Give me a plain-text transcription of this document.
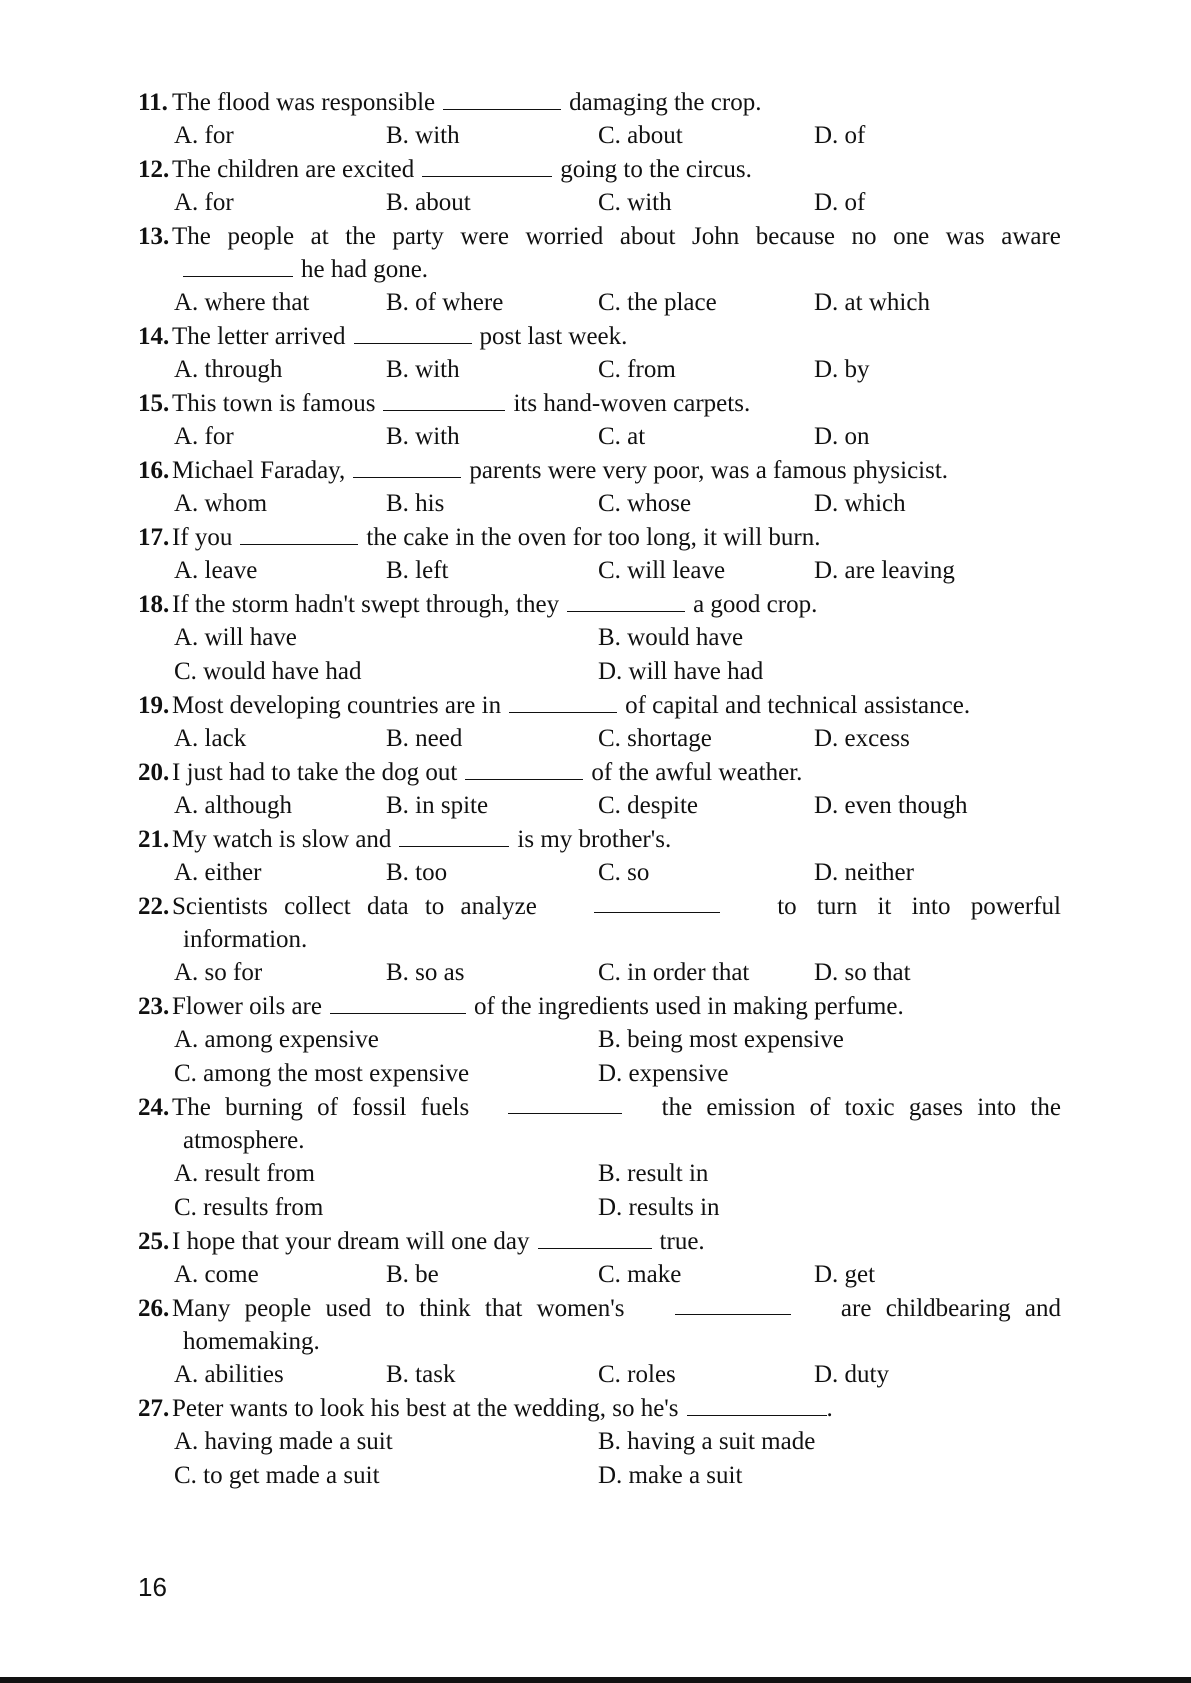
11. The flood was responsible	damaging the crop.
A. for	B. with	C. about	D. of
12. The children are excited	going to the circus.
A. for	B. about	C. with	D. of
13. The people at the party were worried about John because no one was aware
he had gone.
A. where that	B. of where	C. the place	D. at which
14. The letter arrived	post last week.
A. through	B. with	C. from	D. by
15. This town is famous	its hand-woven carpets.
A. for	B. with	C. at	D. on
16. Michael Faraday,	parents were very poor, was a famous physicist.
A. whom	B. his	C. whose	D. which
17. If you	the cake in the oven for too long, it will burn.
A. leave	B. left	C. will leave	D. are leaving
18. If the storm hadn't swept through, they	a good crop.
A. will have	B. would have
C. would have had	D. will have had
19. Most developing countries are in	of capital and technical assistance.
A. lack	B. need	C. shortage	D. excess
20. I just had to take the dog out	of the awful weather.
A. although	B. in spite	C. despite	D. even though
21. My watch is slow and	is my brother's.
A. either	B. too	C. so	D. neither
22. Scientists collect data to analyze	to turn it into powerful
information.
A. so for	B. so as	C. in order that	D. so that
23. Flower oils are	of the ingredients used in making perfume.
A. among expensive	B. being most expensive
C. among the most expensive	D. expensive
24. The burning of fossil fuels	the emission of toxic gases into the
atmosphere.
A. result from	B. result in
C. results from	D. results in
25. I hope that your dream will one day	true.
A. come	B. be	C. make	D. get
26. Many people used to think that women's	are childbearing and
homemaking.
A. abilities	B. task	C. roles	D. duty
27. Peter wants to look his best at the wedding, so he's	.
A. having made a suit	B. having a suit made
C. to get made a suit	D. make a suit
16
